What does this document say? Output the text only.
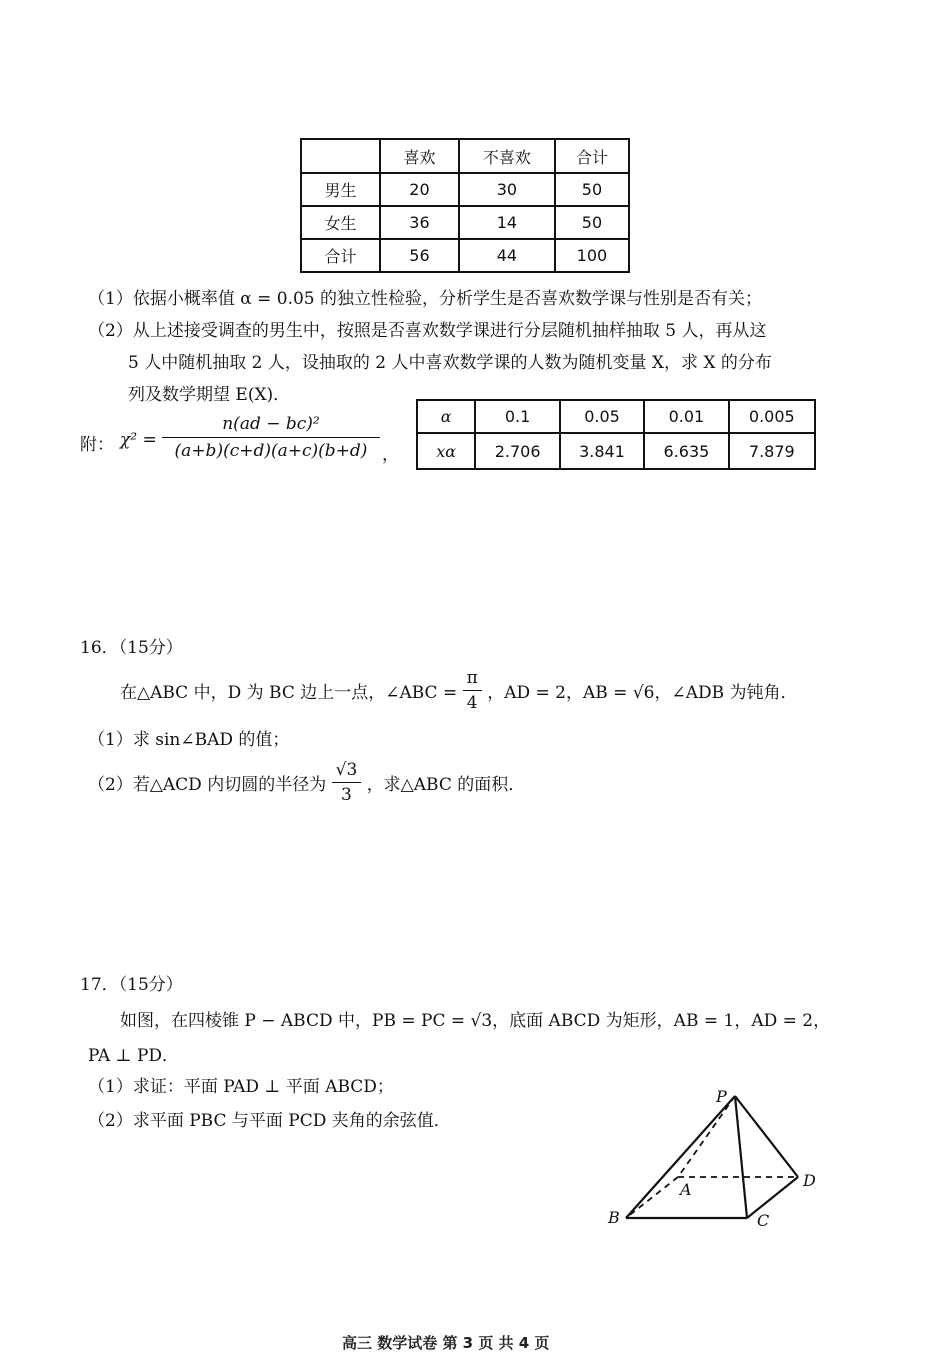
	喜欢	不喜欢	合计
男生	20	30	50
女生	36	14	50
合计	56	44	100
（1）依据小概率值 α = 0.05 的独立性检验，分析学生是否喜欢数学课与性别是否有关；
（2）从上述接受调查的男生中，按照是否喜欢数学课进行分层随机抽样抽取 5 人，再从这
5 人中随机抽取 2 人，设抽取的 2 人中喜欢数学课的人数为随机变量 X，求 X 的分布
列及数学期望 E(X)．
附： $\chi^2 = \frac{\text{n(ad − bc)²}}{(a+b)(c+d)(a+c)(b+d)}$ ，
α	0.1	0.05	0.01	0.005
xα	2.706	3.841	6.635	7.879
16．（15分）
在△ABC 中，D 为 BC 边上一点，∠ABC = $\frac{\pi}{4}$ ，AD = 2，AB = √6，∠ADB 为钝角．
（1）求 sin∠BAD 的值；
（2）若△ACD 内切圆的半径为 $\frac{√3}{3}$ ，求△ABC 的面积．
17．（15分）
如图，在四棱锥 P − ABCD 中，PB = PC = √3，底面 ABCD 为矩形，AB = 1，AD = 2，
PA ⊥ PD．
（1）求证：平面 PAD ⊥ 平面 ABCD；
（2）求平面 PBC 与平面 PCD 夹角的余弦值．
P
A
B	C
D
高三 数学试卷 第 3 页 共 4 页
